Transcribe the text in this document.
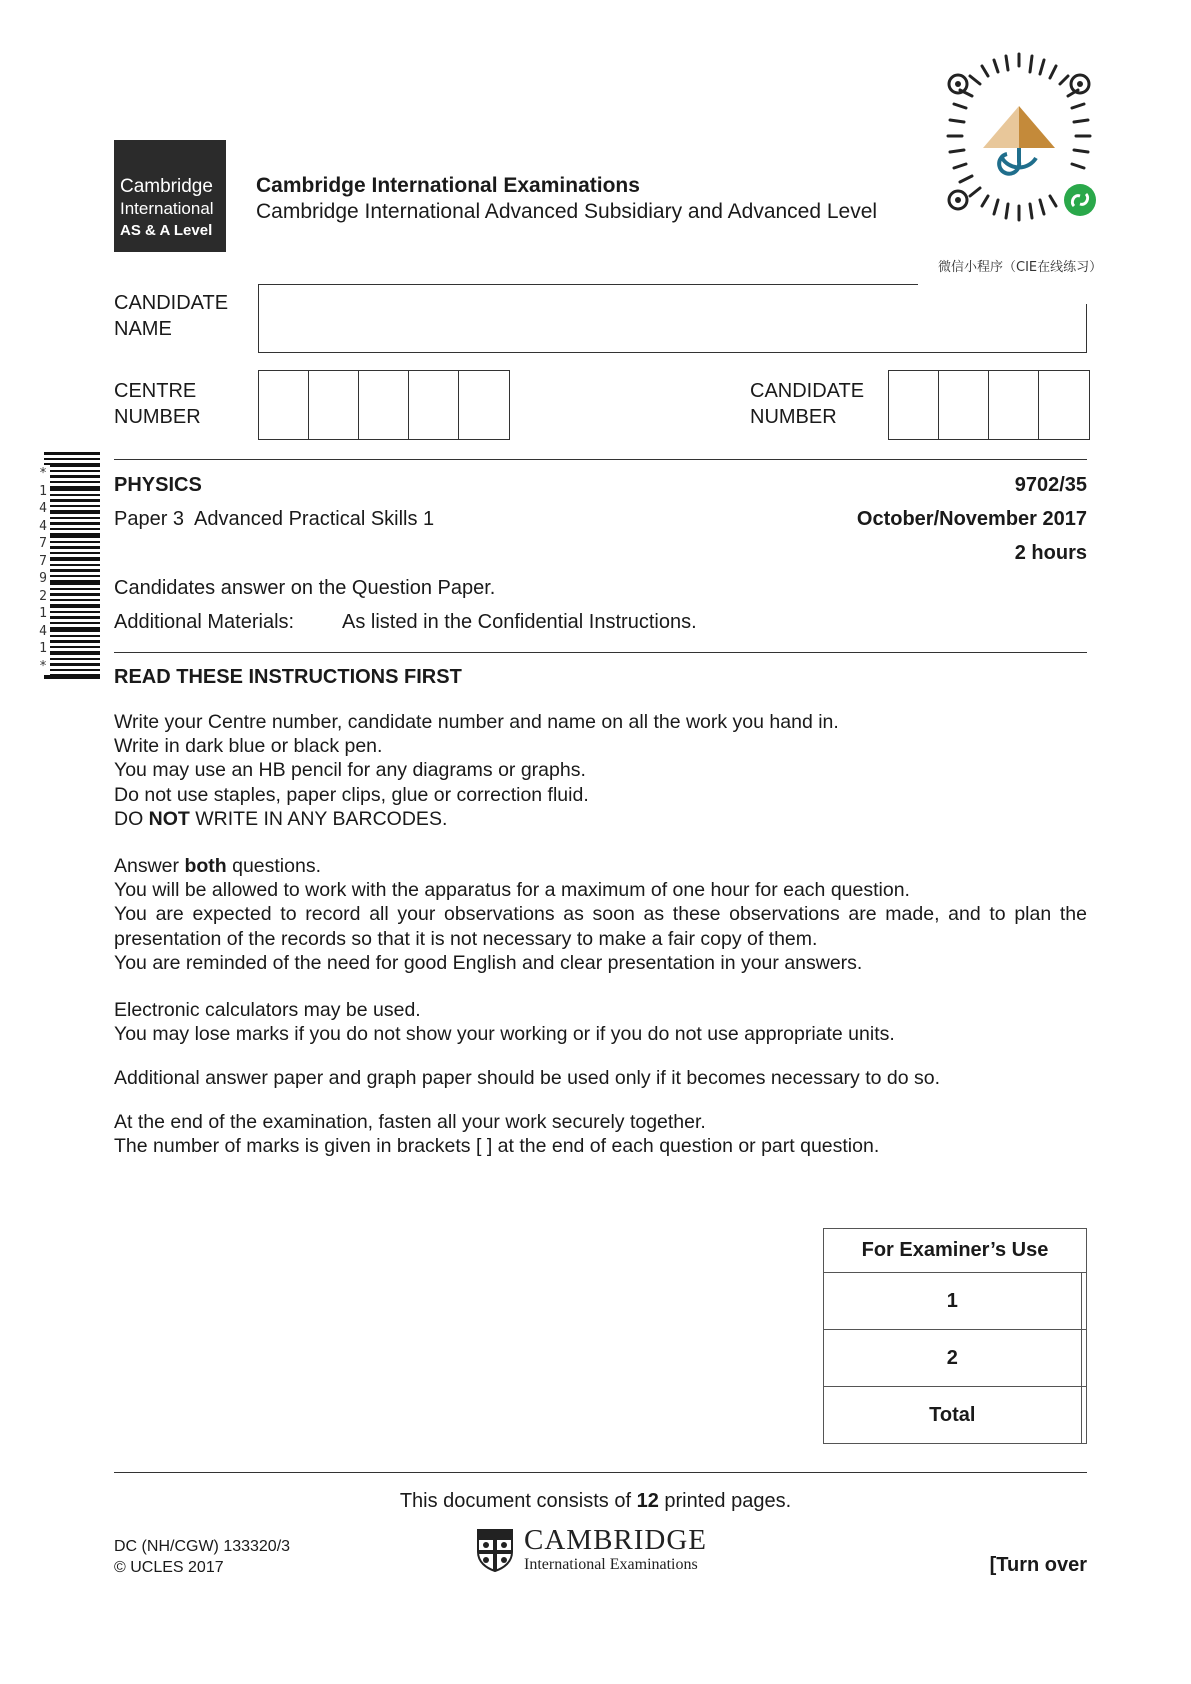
Cambridge
International
AS & A Level
Cambridge International Examinations
Cambridge International Advanced Subsidiary and Advanced Level
微信小程序（CIE在线练习）
CANDIDATE
NAME
CENTRE
NUMBER
CANDIDATE
NUMBER
*1447792141*
PHYSICS	9702/35
Paper 3  Advanced Practical Skills 1	October/November 2017
2 hours
Candidates answer on the Question Paper.
Additional Materials: As listed in the Confidential Instructions.
READ THESE INSTRUCTIONS FIRST

Write your Centre number, candidate number and name on all the work you hand in.

Write in dark blue or black pen.

You may use an HB pencil for any diagrams or graphs.

Do not use staples, paper clips, glue or correction fluid.

DO NOT WRITE IN ANY BARCODES.

Answer both questions.

You will be allowed to work with the apparatus for a maximum of one hour for each question.

You are expected to record all your observations as soon as these observations are made, and to plan the presentation of the records so that it is not necessary to make a fair copy of them.

You are reminded of the need for good English and clear presentation in your answers.

Electronic calculators may be used.

You may lose marks if you do not show your working or if you do not use appropriate units.

Additional answer paper and graph paper should be used only if it becomes necessary to do so.

At the end of the examination, fasten all your work securely together.

The number of marks is given in brackets [ ] at the end of each question or part question.

For Examiner’s Use	
1	
2	
Total	
This document consists of 12 printed pages.
DC (NH/CGW) 133320/3
© UCLES 2017
CAMBRIDGE
International Examinations	[Turn over
